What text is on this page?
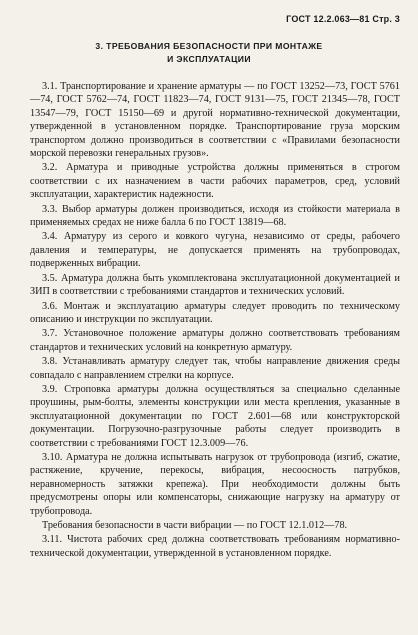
ГОСТ 12.2.063—81 Стр. 3
3. ТРЕБОВАНИЯ БЕЗОПАСНОСТИ ПРИ МОНТАЖЕ
И ЭКСПЛУАТАЦИИ

3.1. Транспортирование и хранение арматуры — по ГОСТ 13252—73, ГОСТ 5761—74, ГОСТ 5762—74, ГОСТ 11823—74, ГОСТ 9131—75, ГОСТ 21345—78, ГОСТ 13547—79, ГОСТ 15150—69 и другой нормативно-технической документации, утвержденной в установленном порядке. Транспортирование груза морским транспортом должно производиться в соответствии с «Правилами безопасности морской перевозки генеральных грузов».

3.2. Арматура и приводные устройства должны применяться в строгом соответствии с их назначением в части рабочих параметров, сред, условий эксплуатации, характеристик надежности.

3.3. Выбор арматуры должен производиться, исходя из стойкости материала в применяемых средах не ниже балла 6 по ГОСТ 13819—68.

3.4. Арматуру из серого и ковкого чугуна, независимо от среды, рабочего давления и температуры, не допускается применять на трубопроводах, подверженных вибрации.

3.5. Арматура должна быть укомплектована эксплуатационной документацией и ЗИП в соответствии с требованиями стандартов и технических условий.

3.6. Монтаж и эксплуатацию арматуры следует проводить по техническому описанию и инструкции по эксплуатации.

3.7. Установочное положение арматуры должно соответствовать требованиям стандартов и технических условий на конкретную арматуру.

3.8. Устанавливать арматуру следует так, чтобы направление движения среды совпадало с направлением стрелки на корпусе.

3.9. Строповка арматуры должна осуществляться за специально сделанные проушины, рым-болты, элементы конструкции или места крепления, указанные в эксплуатационной документации по ГОСТ 2.601—68 или конструкторской документации. Погрузочно-разгрузочные работы следует производить в соответствии с требованиями ГОСТ 12.3.009—76.

3.10. Арматура не должна испытывать нагрузок от трубопровода (изгиб, сжатие, растяжение, кручение, перекосы, вибрация, несоосность патрубков, неравномерность затяжки крепежа). При необходимости должны быть предусмотрены опоры или компенсаторы, снижающие нагрузку на арматуру от трубопровода.

Требования безопасности в части вибрации — по ГОСТ 12.1.012—78.

3.11. Чистота рабочих сред должна соответствовать требованиям нормативно-технической документации, утвержденной в установленном порядке.
